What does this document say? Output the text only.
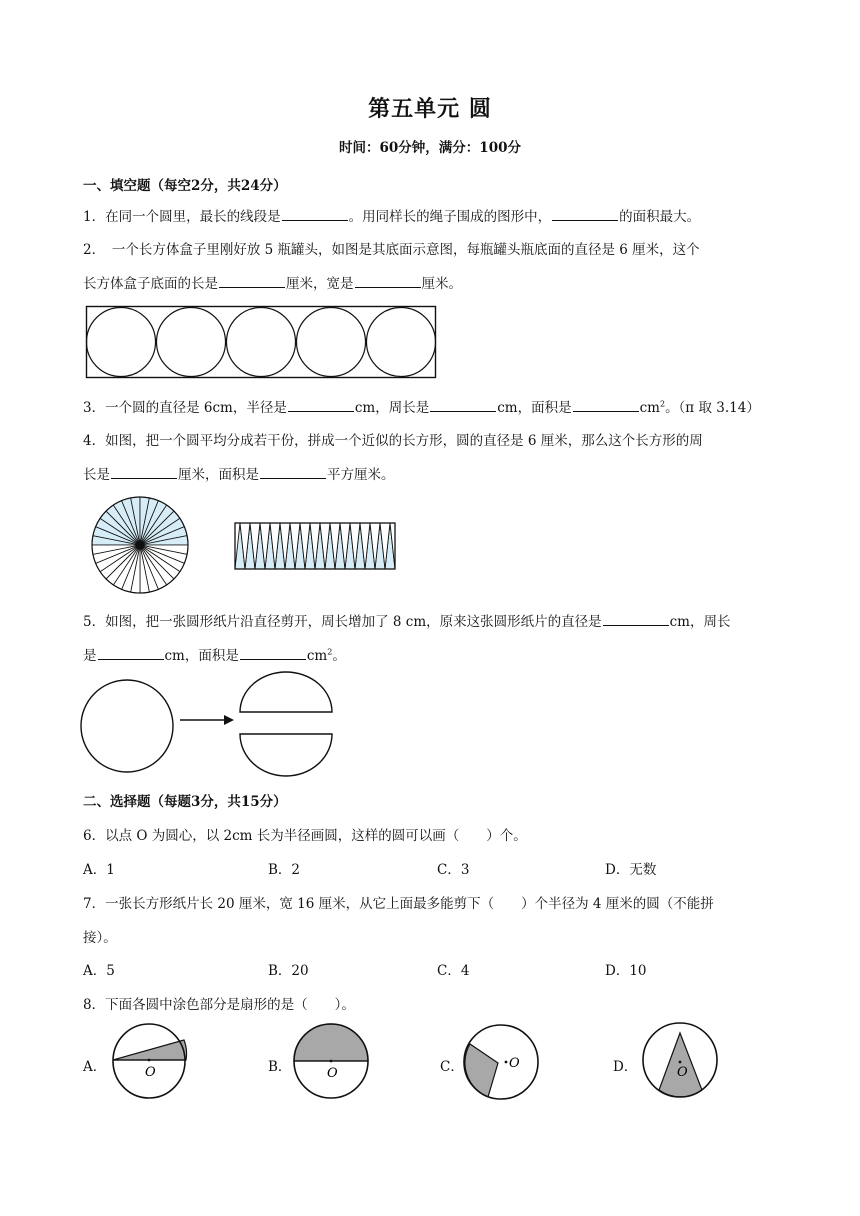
第五单元 圆
时间：60分钟，满分：100分
一、填空题（每空2分，共24分）
1．在同一个圆里，最长的线段是	。用同样长的绳子围成的图形中，	的面积最大。
2．　一个长方体盒子里刚好放 5 瓶罐头，如图是其底面示意图，每瓶罐头瓶底面的直径是 6 厘米，这个
长方体盒子底面的长是	厘米，宽是	厘米。
3．一个圆的直径是 6cm，半径是	cm，周长是	cm，面积是	$cm^2$。（π 取 3.14）
4．如图，把一个圆平均分成若干份，拼成一个近似的长方形，圆的直径是 6 厘米，那么这个长方形的周
长是	厘米，面积是	平方厘米。
5．如图，把一张圆形纸片沿直径剪开，周长增加了 8 cm，原来这张圆形纸片的直径是	cm，周长
是	cm，面积是	$cm^2$。
二、选择题（每题3分，共15分）
6．以点 O 为圆心，以 2cm 长为半径画圆，这样的圆可以画（　　）个。
A．1	B．2	C．3	D．无数
7．一张长方形纸片长 20 厘米，宽 16 厘米，从它上面最多能剪下（　　）个半径为 4 厘米的圆（不能拼
接）。
A．5	B．20	C．4	D．10
8．下面各圆中涂色部分是扇形的是（　　）。
A．	B．	C．	D．
O	O
O
O
